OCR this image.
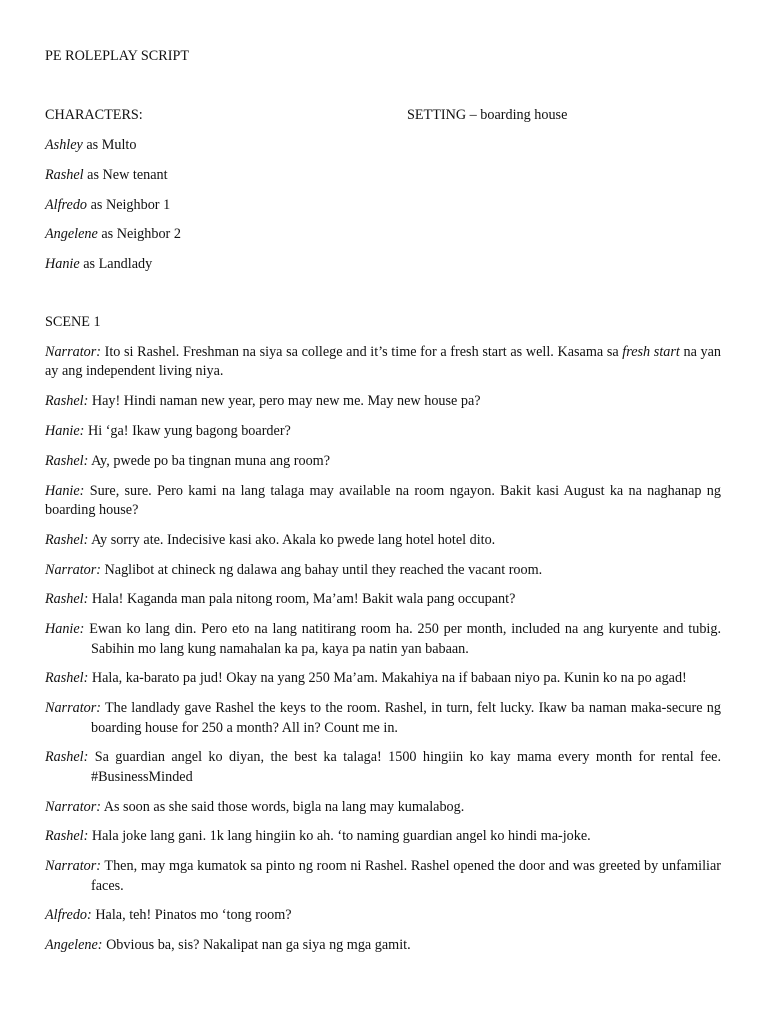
PE ROLEPLAY SCRIPT
CHARACTERS:	SETTING – boarding house
Ashley as Multo
Rashel as New tenant
Alfredo as Neighbor 1
Angelene as Neighbor 2
Hanie as Landlady
SCENE 1

Narrator: Ito si Rashel. Freshman na siya sa college and it’s time for a fresh start as well. Kasama sa fresh start na yan ay ang independent living niya.

Rashel: Hay! Hindi naman new year, pero may new me. May new house pa?

Hanie: Hi ‘ga! Ikaw yung bagong boarder?

Rashel: Ay, pwede po ba tingnan muna ang room?

Hanie: Sure, sure. Pero kami na lang talaga may available na room ngayon. Bakit kasi August ka na naghanap ng boarding house?

Rashel: Ay sorry ate. Indecisive kasi ako. Akala ko pwede lang hotel hotel dito.

Narrator: Naglibot at chineck ng dalawa ang bahay until they reached the vacant room.

Rashel: Hala! Kaganda man pala nitong room, Ma’am! Bakit wala pang occupant?

Hanie: Ewan ko lang din. Pero eto na lang natitirang room ha. 250 per month, included na ang kuryente and tubig. Sabihin mo lang kung namahalan ka pa, kaya pa natin yan babaan.

Rashel: Hala, ka-barato pa jud! Okay na yang 250 Ma’am. Makahiya na if babaan niyo pa. Kunin ko na po agad!

Narrator: The landlady gave Rashel the keys to the room. Rashel, in turn, felt lucky. Ikaw ba naman maka-secure ng boarding house for 250 a month? All in? Count me in.

Rashel: Sa guardian angel ko diyan, the best ka talaga! 1500 hingiin ko kay mama every month for rental fee. #BusinessMinded

Narrator: As soon as she said those words, bigla na lang may kumalabog.

Rashel: Hala joke lang gani. 1k lang hingiin ko ah. ‘to naming guardian angel ko hindi ma-joke.

Narrator: Then, may mga kumatok sa pinto ng room ni Rashel. Rashel opened the door and was greeted by unfamiliar faces.

Alfredo: Hala, teh! Pinatos mo ‘tong room?

Angelene: Obvious ba, sis? Nakalipat nan ga siya ng mga gamit.
